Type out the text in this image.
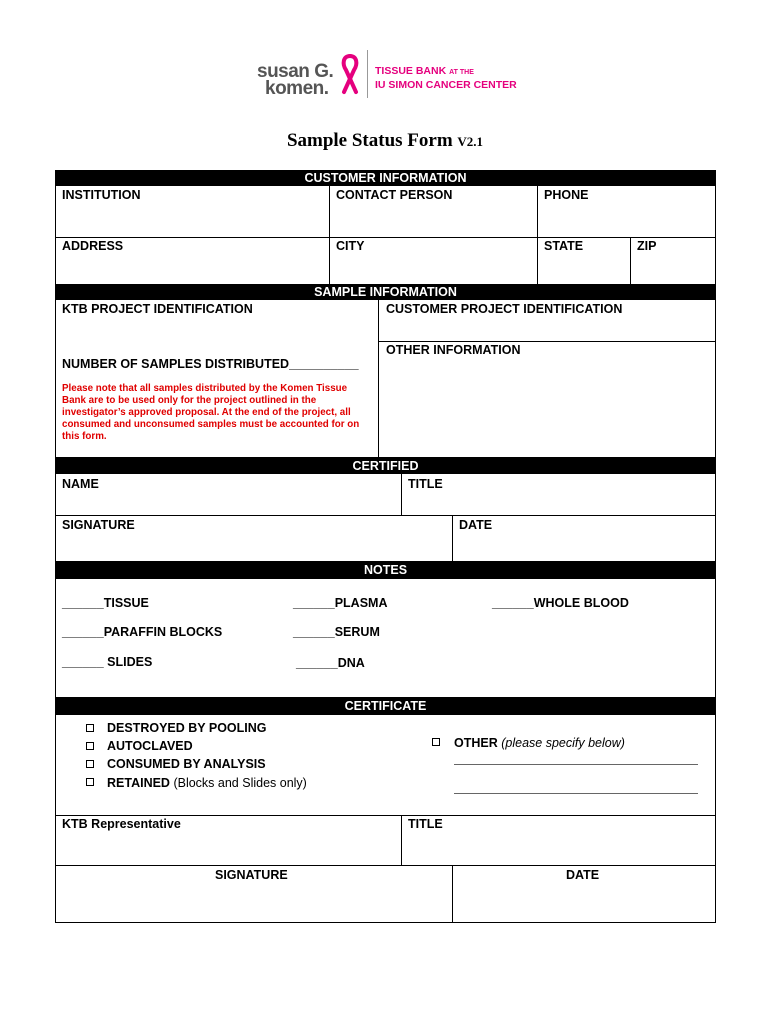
susan G.
komen.
TISSUE BANK AT THE
IU SIMON CANCER CENTER
Sample Status Form V2.1
CUSTOMER INFORMATION
INSTITUTION	CONTACT PERSON	PHONE
ADDRESS	CITY	STATE	ZIP
SAMPLE INFORMATION
KTB PROJECT IDENTIFICATION	CUSTOMER PROJECT IDENTIFICATION
OTHER INFORMATION
NUMBER OF SAMPLES DISTRIBUTED__________
Please note that all samples distributed by the Komen Tissue Bank are to be used only for the project outlined in the investigator’s approved proposal. At the end of the project, all consumed and unconsumed samples must be accounted for on this form.
CERTIFIED
NAME	TITLE
SIGNATURE	DATE
NOTES
______TISSUE	______PLASMA	______WHOLE BLOOD
______PARAFFIN BLOCKS	______SERUM
______ SLIDES	______DNA
CERTIFICATE
DESTROYED BY POOLING
AUTOCLAVED
CONSUMED BY ANALYSIS
RETAINED (Blocks and Slides only)
OTHER (please specify below)
KTB Representative	TITLE
SIGNATURE	DATE
